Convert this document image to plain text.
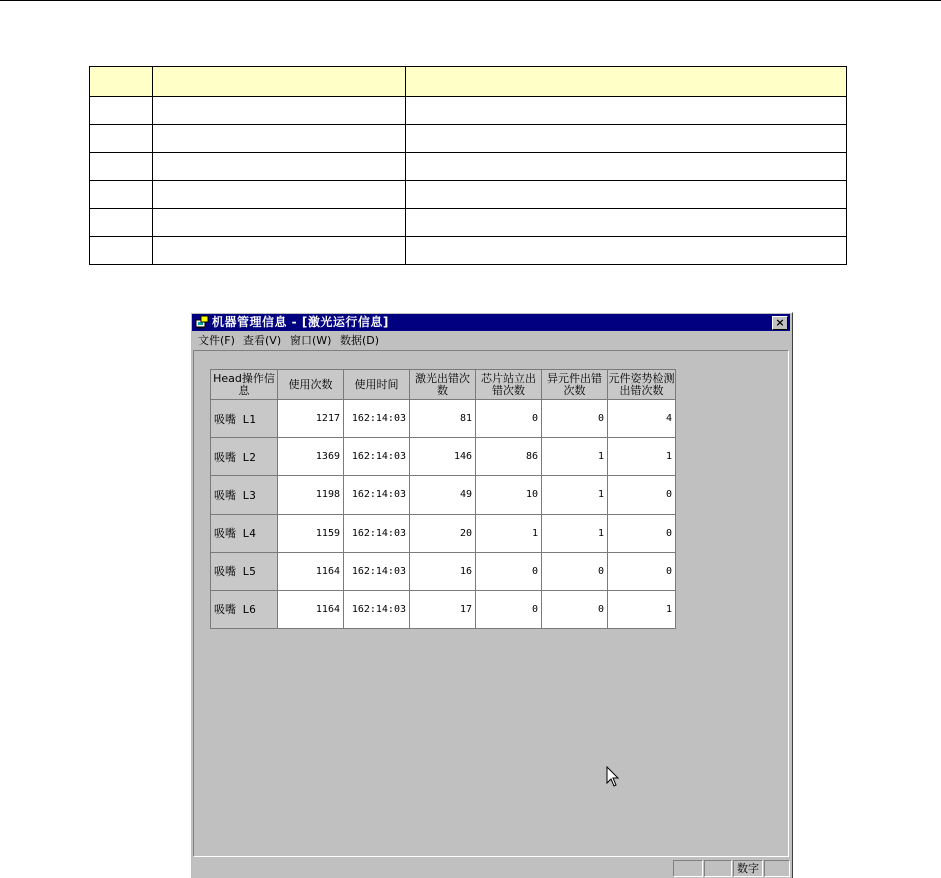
机器管理信息 - [激光运行信息]	×
文件(F) 查看(V) 窗口(W) 数据(D)
Head操作信息	使用次数	使用时间	激光出错次数	芯片站立出错次数	异元件出错次数	元件姿势检测出错次数
吸嘴 L1	1217	162:14:03	81	0	0	4
吸嘴 L2	1369	162:14:03	146	86	1	1
吸嘴 L3	1198	162:14:03	49	10	1	0
吸嘴 L4	1159	162:14:03	20	1	1	0
吸嘴 L5	1164	162:14:03	16	0	0	0
吸嘴 L6	1164	162:14:03	17	0	0	1
数字
